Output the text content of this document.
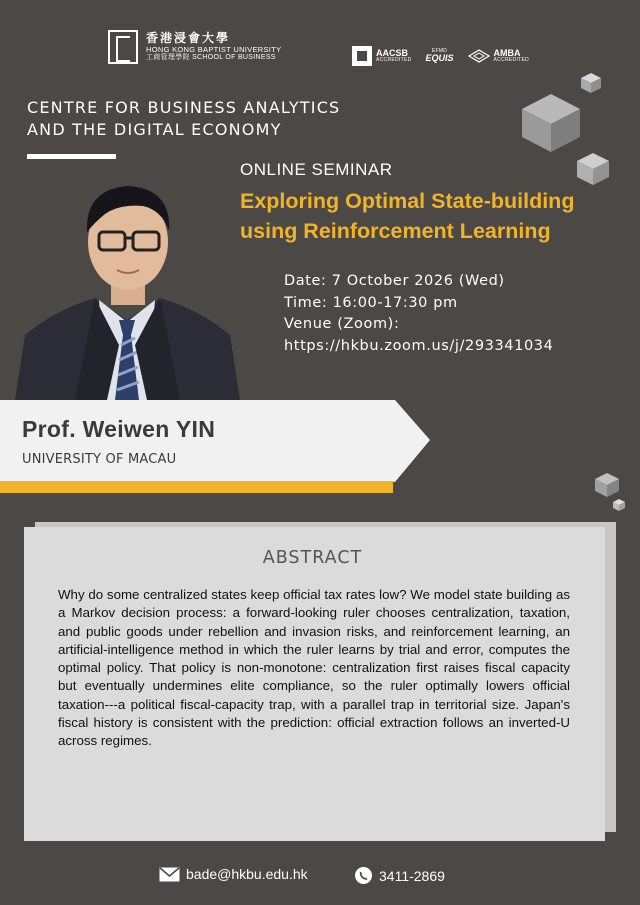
香港浸會大學
HONG KONG BAPTIST UNIVERSITY
工商管理學院 SCHOOL OF BUSINESS	AACSB
ACCREDITED
EFMD
EQUIS	AMBA
ACCREDITED
CENTRE FOR BUSINESS ANALYTICS
AND THE DIGITAL ECONOMY
ONLINE SEMINAR
Exploring Optimal State-building
using Reinforcement Learning
Date: 7 October 2026 (Wed)
Time: 16:00-17:30 pm
Venue (Zoom):
https://hkbu.zoom.us/j/293341034
Prof. Weiwen YIN
UNIVERSITY OF MACAU
ABSTRACT
Why do some centralized states keep official tax rates low? We model state building as a Markov decision process: a forward-looking ruler chooses centralization, taxation, and public goods under rebellion and invasion risks, and reinforcement learning, an artificial-intelligence method in which the ruler learns by trial and error, computes the optimal policy. That policy is non-monotone: centralization first raises fiscal capacity but eventually undermines elite compliance, so the ruler optimally lowers official taxation---a political fiscal-capacity trap, with a parallel trap in territorial size. Japan's fiscal history is consistent with the prediction: official extraction follows an inverted-U across regimes.
bade@hkbu.edu.hk	3411-2869
